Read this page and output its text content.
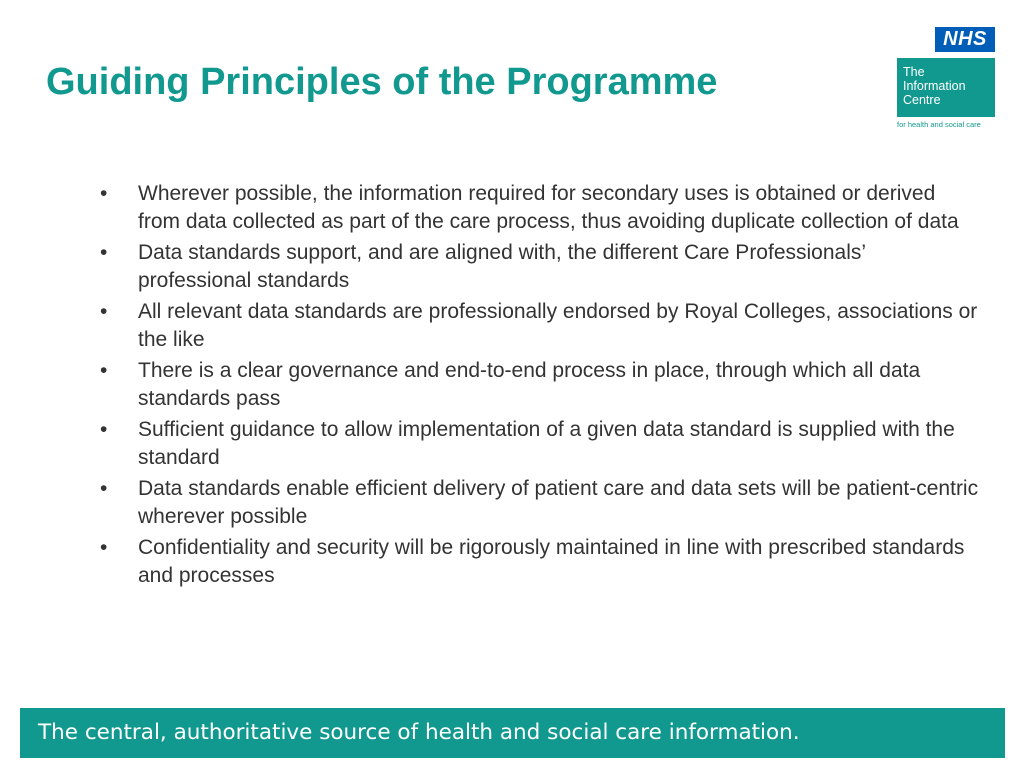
Guiding Principles of the Programme
NHS
The
Information
Centre
for health and social care
• Wherever possible, the information required for secondary uses is obtained or derived from data collected as part of the care process, thus avoiding duplicate collection of data
• Data standards support, and are aligned with, the different Care Professionals’ professional standards
• All relevant data standards are professionally endorsed by Royal Colleges, associations or the like
• There is a clear governance and end-to-end process in place, through which all data standards pass
• Sufficient guidance to allow implementation of a given data standard is supplied with the standard
• Data standards enable efficient delivery of patient care and data sets will be patient-centric wherever possible
• Confidentiality and security will be rigorously maintained in line with prescribed standards and processes
The central, authoritative source of health and social care information.
